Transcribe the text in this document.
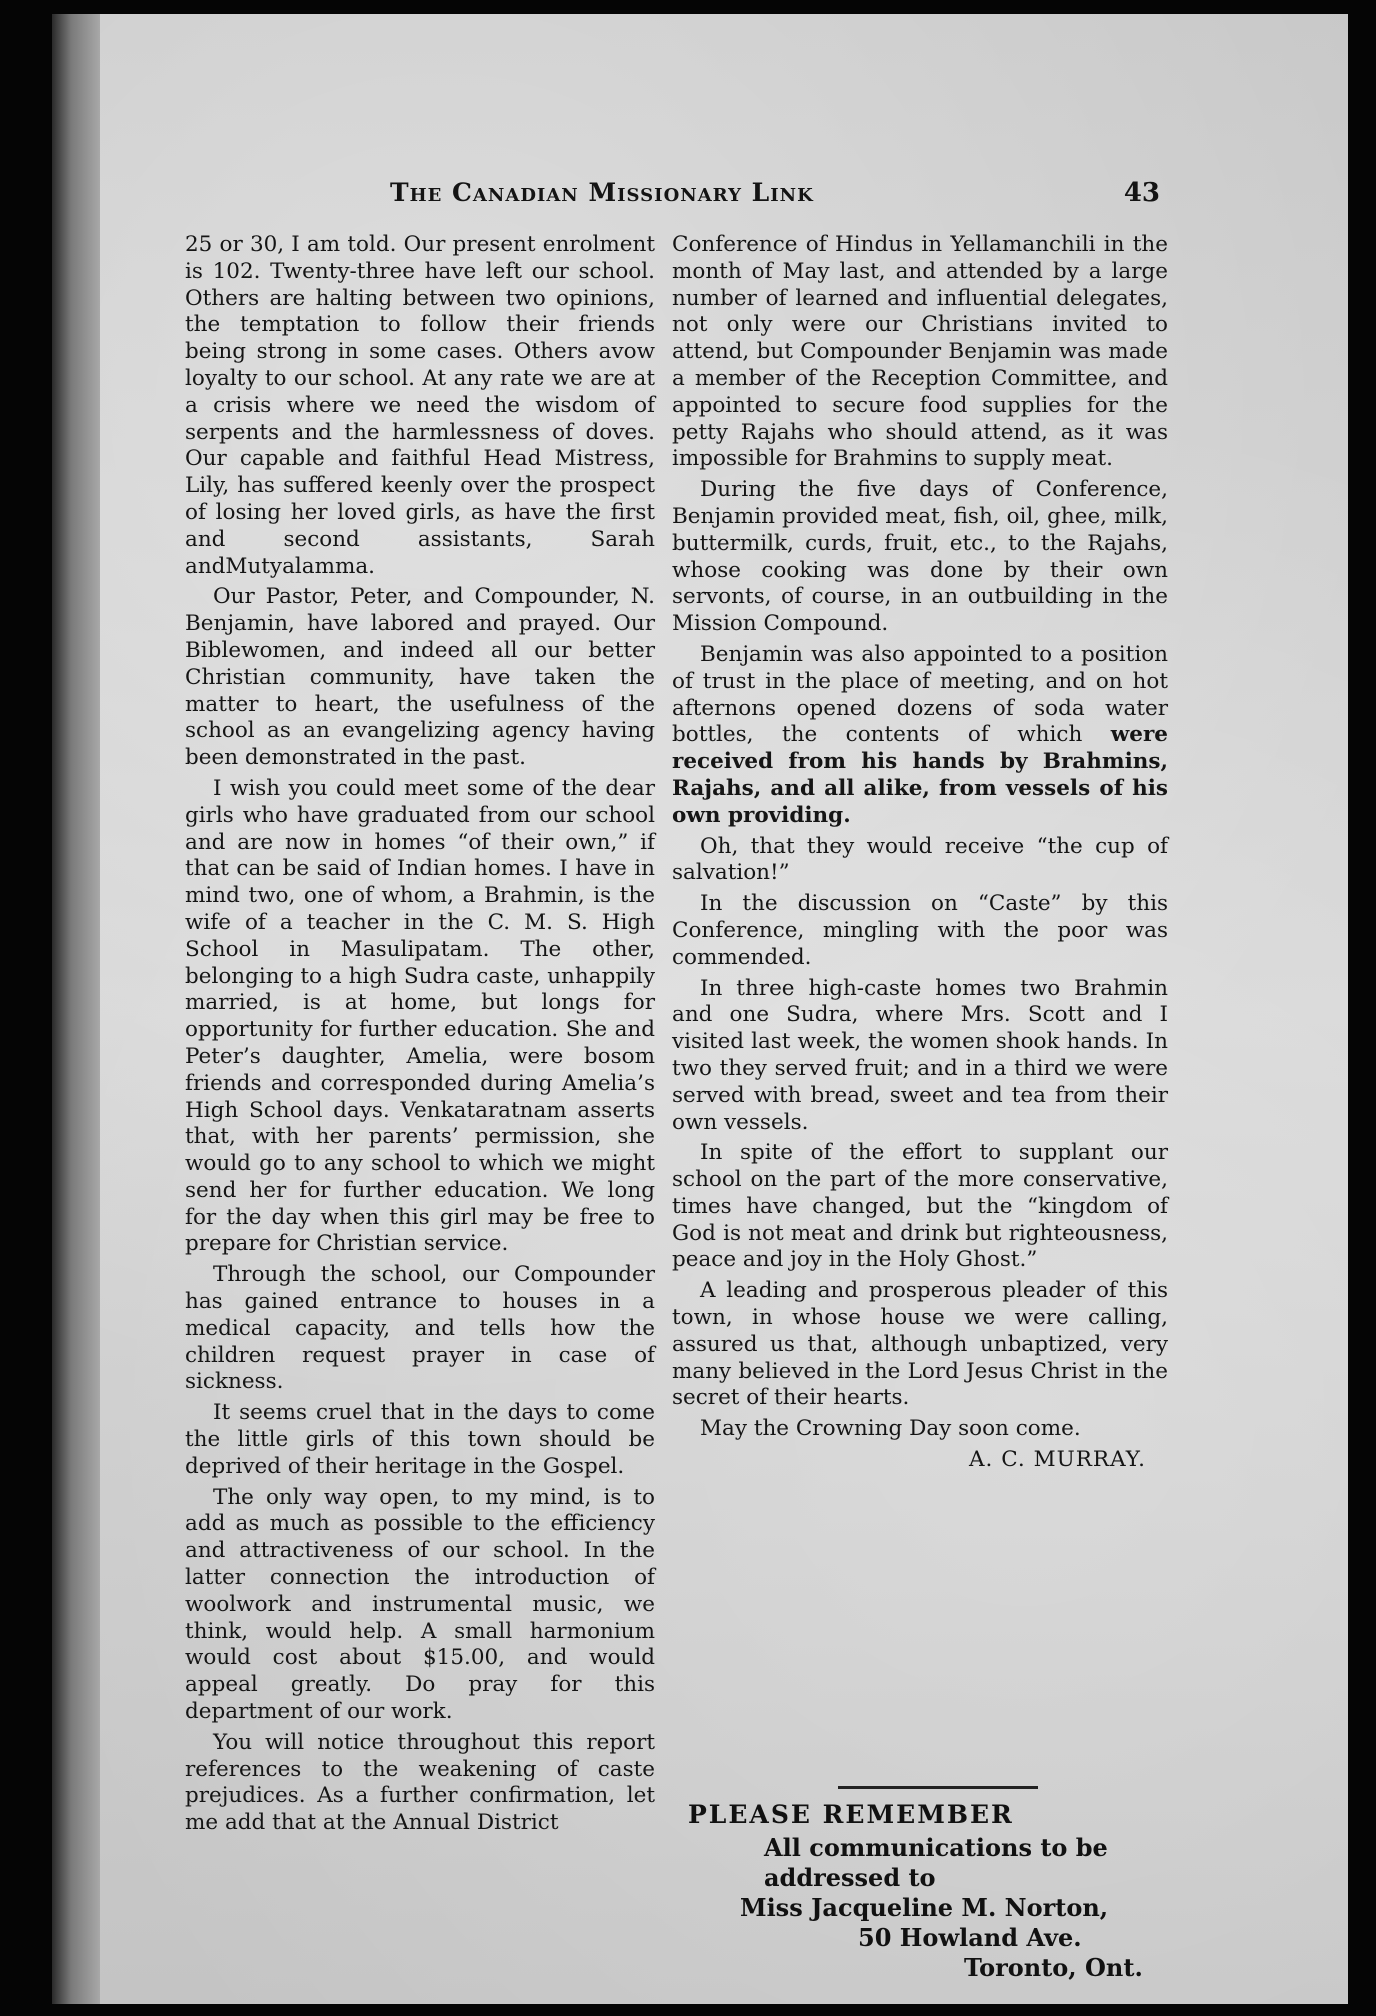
The Canadian Missionary Link	43

25 or 30, I am told. Our present enrolment is 102. Twenty-three have left our school. Others are halting between two opinions, the temptation to follow their friends being strong in some cases. Others avow loyalty to our school. At any rate we are at a crisis where we need the wisdom of serpents and the harmlessness of doves. Our capable and faithful Head Mistress, Lily, has suffered keenly over the prospect of losing her loved girls, as have the first and second assistants, Sarah andMutyalamma.

Our Pastor, Peter, and Compounder, N. Benjamin, have labored and prayed. Our Biblewomen, and indeed all our better Christian community, have taken the matter to heart, the usefulness of the school as an evangelizing agency having been demonstrated in the past.

I wish you could meet some of the dear girls who have graduated from our school and are now in homes “of their own,” if that can be said of Indian homes. I have in mind two, one of whom, a Brahmin, is the wife of a teacher in the C. M. S. High School in Masulipatam. The other, belonging to a high Sudra caste, unhappily married, is at home, but longs for opportunity for further education. She and Peter’s daughter, Amelia, were bosom friends and corresponded during Amelia’s High School days. Venkataratnam asserts that, with her parents’ permission, she would go to any school to which we might send her for further education. We long for the day when this girl may be free to prepare for Christian service.

Through the school, our Compounder has gained entrance to houses in a medical capacity, and tells how the children request prayer in case of sickness.

It seems cruel that in the days to come the little girls of this town should be deprived of their heritage in the Gospel.

The only way open, to my mind, is to add as much as possible to the efficiency and attractiveness of our school. In the latter connection the introduction of woolwork and instrumental music, we think, would help. A small harmonium would cost about $15.00, and would appeal greatly. Do pray for this department of our work.

You will notice throughout this report references to the weakening of caste prejudices. As a further confirmation, let me add that at the Annual District

Conference of Hindus in Yellamanchili in the month of May last, and attended by a large number of learned and influential delegates, not only were our Christians invited to attend, but Compounder Benjamin was made a member of the Reception Committee, and appointed to secure food supplies for the petty Rajahs who should attend, as it was impossible for Brahmins to supply meat.

During the five days of Conference, Benjamin provided meat, fish, oil, ghee, milk, buttermilk, curds, fruit, etc., to the Rajahs, whose cooking was done by their own servonts, of course, in an outbuilding in the Mission Compound.

Benjamin was also appointed to a position of trust in the place of meeting, and on hot afternons opened dozens of soda water bottles, the contents of which were received from his hands by Brahmins, Rajahs, and all alike, from vessels of his own providing.

Oh, that they would receive “the cup of salvation!”

In the discussion on “Caste” by this Conference, mingling with the poor was commended.

In three high-caste homes two Brahmin and one Sudra, where Mrs. Scott and I visited last week, the women shook hands. In two they served fruit; and in a third we were served with bread, sweet and tea from their own vessels.

In spite of the effort to supplant our school on the part of the more conservative, times have changed, but the “kingdom of God is not meat and drink but righteousness, peace and joy in the Holy Ghost.”

A leading and prosperous pleader of this town, in whose house we were calling, assured us that, although unbaptized, very many believed in the Lord Jesus Christ in the secret of their hearts.

May the Crowning Day soon come.

A. C. MURRAY.
PLEASE REMEMBER

All communications to be

addressed to

Miss Jacqueline M. Norton,

50 Howland Ave.

Toronto, Ont.
